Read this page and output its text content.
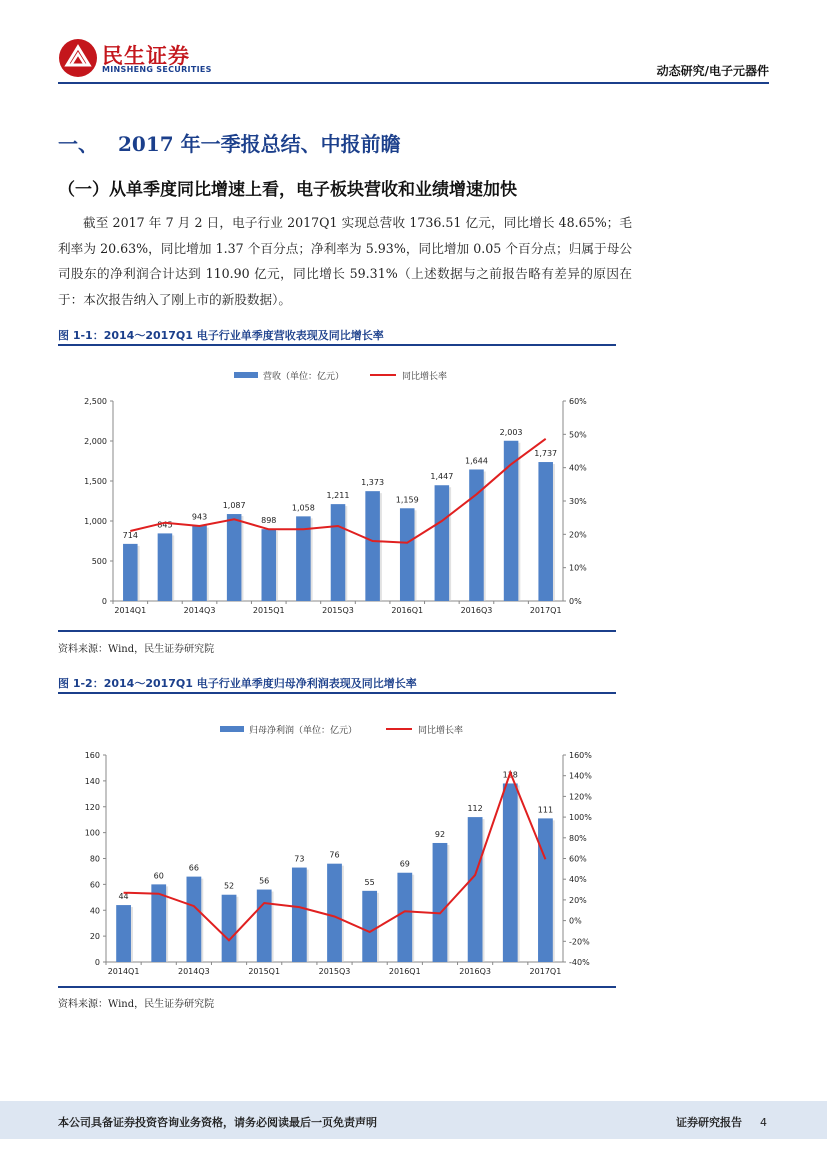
民生证券
MINSHENG SECURITIES	动态研究/电子元器件
一、 2017 年一季报总结、中报前瞻
（一）从单季度同比增速上看，电子板块营收和业绩增速加快
截至 2017 年 7 月 2 日，电子行业 2017Q1 实现总营收 1736.51 亿元，同比增长 48.65%；毛利率为 20.63%，同比增加 1.37 个百分点；净利率为 5.93%，同比增加 0.05 个百分点；归属于母公司股东的净利润合计达到 110.90 亿元，同比增长 59.31%（上述数据与之前报告略有差异的原因在于：本次报告纳入了刚上市的新股数据）。
图 1-1：2014～2017Q1 电子行业单季度营收表现及同比增长率
营收（单位：亿元）	同比增长率
0
500
1,000
1,500
2,000
2,500
0%
10%
20%
30%
40%
50%
60%
714
845
943
1,087
898
1,058
1,211
1,373
1,159
1,447
1,644
2,003
1,737
2014Q1	2014Q3	2015Q1	2015Q3	2016Q1	2016Q3	2017Q1
资料来源：Wind，民生证券研究院
图 1-2：2014～2017Q1 电子行业单季度归母净利润表现及同比增长率
归母净利润（单位：亿元）	同比增长率
0
20
40
60
80
100
120
140
160
-40%
-20%
0%
20%
40%
60%
80%
100%
120%
140%
160%
44
60
66
52
56
73	76
55
69
92
112
138
111
2014Q1	2014Q3	2015Q1	2015Q3	2016Q1	2016Q3	2017Q1
资料来源：Wind，民生证券研究院
本公司具备证券投资咨询业务资格，请务必阅读最后一页免责声明	证券研究报告 4
